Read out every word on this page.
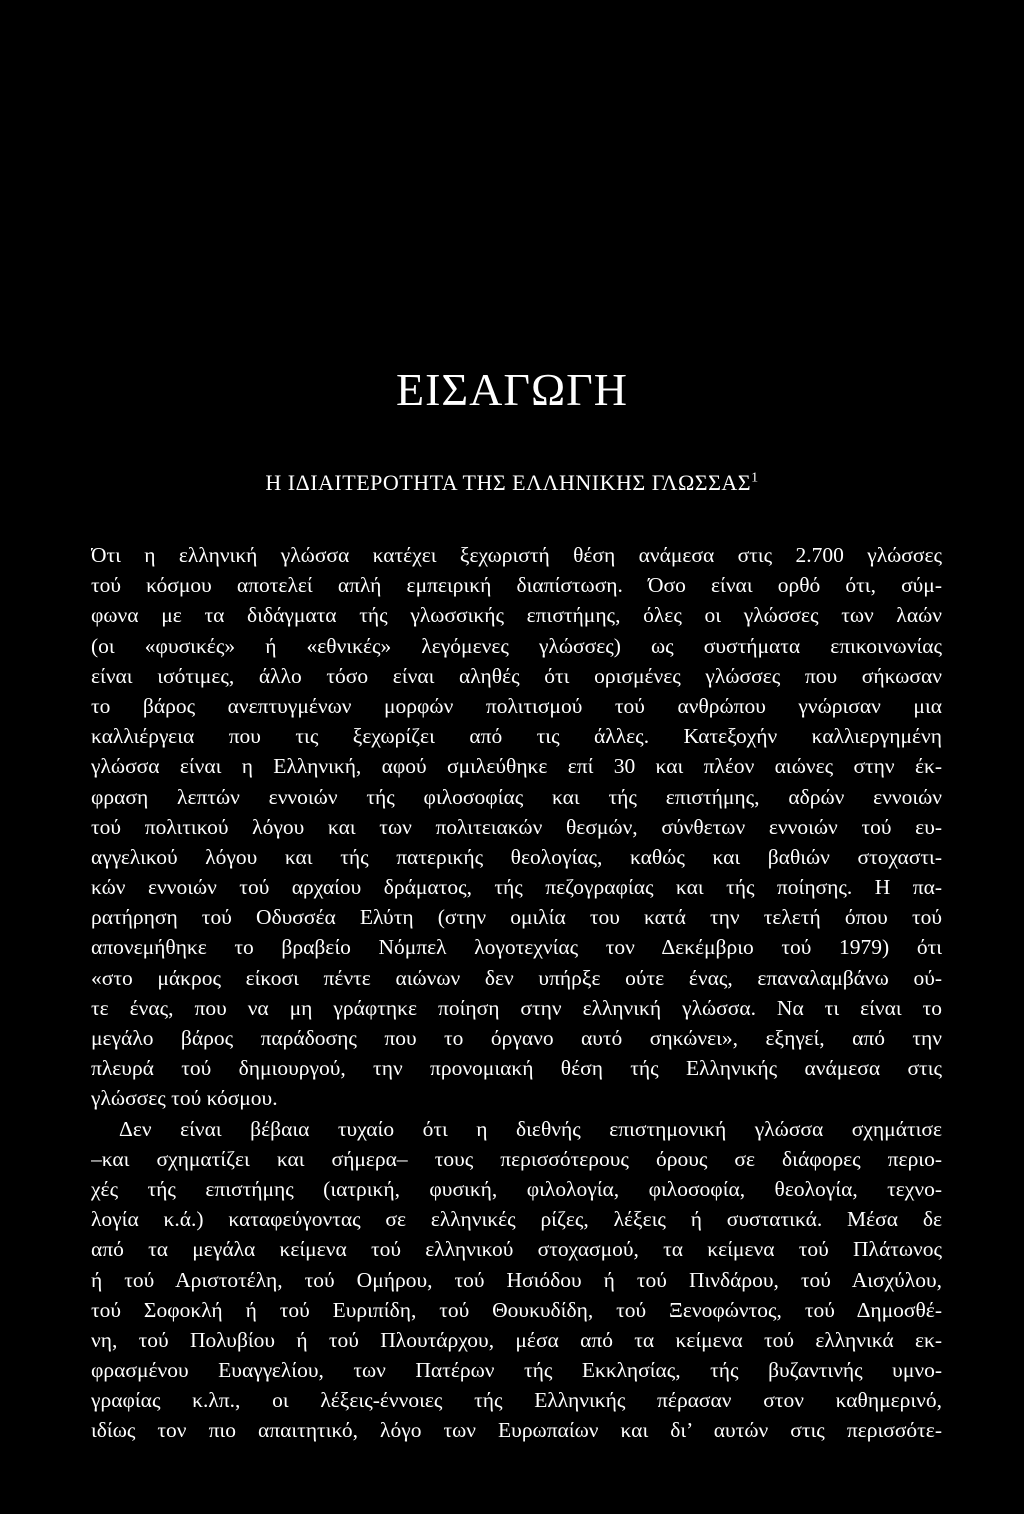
ΕΙΣΑΓΩΓΗ
Η ΙΔΙΑΙΤΕΡΟΤΗΤΑ ΤΗΣ ΕΛΛΗΝΙΚΗΣ ΓΛΩΣΣΑΣ$^1$
Ότι η ελληνική γλώσσα κατέχει ξεχωριστή θέση ανάμεσα στις 2.700 γλώσσες
τού κόσμου αποτελεί απλή εμπειρική διαπίστωση. Όσο είναι ορθό ότι, σύμ-
φωνα με τα διδάγματα τής γλωσσικής επιστήμης, όλες οι γλώσσες των λαών
(οι «φυσικές» ή «εθνικές» λεγόμενες γλώσσες) ως συστήματα επικοινωνίας
είναι ισότιμες, άλλο τόσο είναι αληθές ότι ορισμένες γλώσσες που σήκωσαν
το βάρος ανεπτυγμένων μορφών πολιτισμού τού ανθρώπου γνώρισαν μια
καλλιέργεια που τις ξεχωρίζει από τις άλλες. Κατεξοχήν καλλιεργημένη
γλώσσα είναι η Ελληνική, αφού σμιλεύθηκε επί 30 και πλέον αιώνες στην έκ-
φραση λεπτών εννοιών τής φιλοσοφίας και τής επιστήμης, αδρών εννοιών
τού πολιτικού λόγου και των πολιτειακών θεσμών, σύνθετων εννοιών τού ευ-
αγγελικού λόγου και τής πατερικής θεολογίας, καθώς και βαθιών στοχαστι-
κών εννοιών τού αρχαίου δράματος, τής πεζογραφίας και τής ποίησης. Η πα-
ρατήρηση τού Οδυσσέα Ελύτη (στην ομιλία του κατά την τελετή όπου τού
απονεμήθηκε το βραβείο Νόμπελ λογοτεχνίας τον Δεκέμβριο τού 1979) ότι
«στο μάκρος είκοσι πέντε αιώνων δεν υπήρξε ούτε ένας, επαναλαμβάνω ού-
τε ένας, που να μη γράφτηκε ποίηση στην ελληνική γλώσσα. Να τι είναι το
μεγάλο βάρος παράδοσης που το όργανο αυτό σηκώνει», εξηγεί, από την
πλευρά τού δημιουργού, την προνομιακή θέση τής Ελληνικής ανάμεσα στις
γλώσσες τού κόσμου.
Δεν είναι βέβαια τυχαίο ότι η διεθνής επιστημονική γλώσσα σχημάτισε
–και σχηματίζει και σήμερα– τους περισσότερους όρους σε διάφορες περιο-
χές τής επιστήμης (ιατρική, φυσική, φιλολογία, φιλοσοφία, θεολογία, τεχνο-
λογία κ.ά.) καταφεύγοντας σε ελληνικές ρίζες, λέξεις ή συστατικά. Μέσα δε
από τα μεγάλα κείμενα τού ελληνικού στοχασμού, τα κείμενα τού Πλάτωνος
ή τού Αριστοτέλη, τού Ομήρου, τού Ησιόδου ή τού Πινδάρου, τού Αισχύλου,
τού Σοφοκλή ή τού Ευριπίδη, τού Θουκυδίδη, τού Ξενοφώντος, τού Δημοσθέ-
νη, τού Πολυβίου ή τού Πλουτάρχου, μέσα από τα κείμενα τού ελληνικά εκ-
φρασμένου Ευαγγελίου, των Πατέρων τής Εκκλησίας, τής βυζαντινής υμνο-
γραφίας κ.λπ., οι λέξεις-έννοιες τής Ελληνικής πέρασαν στον καθημερινό,
ιδίως τον πιο απαιτητικό, λόγο των Ευρωπαίων και δι’ αυτών στις περισσότε-
